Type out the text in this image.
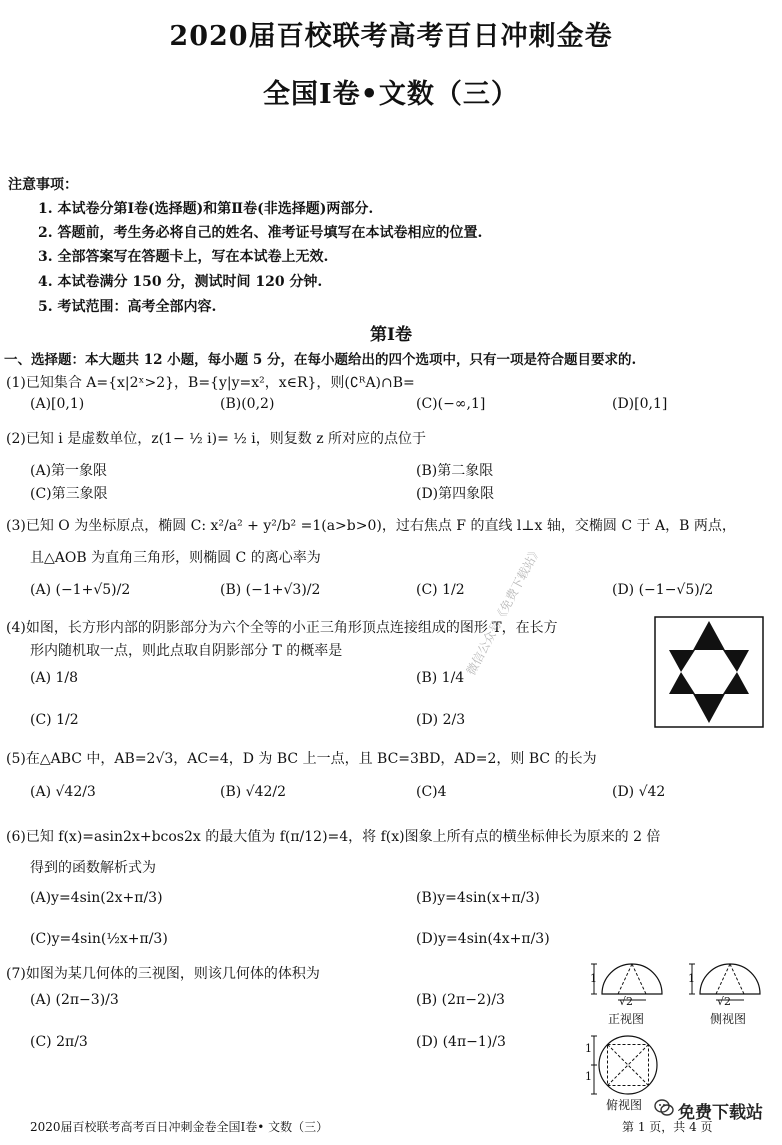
2020届百校联考高考百日冲刺金卷
全国Ⅰ卷•文数（三）
注意事项：
1. 本试卷分第Ⅰ卷(选择题)和第Ⅱ卷(非选择题)两部分.
2. 答题前，考生务必将自己的姓名、准考证号填写在本试卷相应的位置.
3. 全部答案写在答题卡上，写在本试卷上无效.
4. 本试卷满分 150 分，测试时间 120 分钟.
5. 考试范围：高考全部内容.
第Ⅰ卷
一、选择题：本大题共 12 小题，每小题 5 分，在每小题给出的四个选项中，只有一项是符合题目要求的.
(1)已知集合 A={x|2ˣ>2}，B={y|y=x²，x∈R}，则(∁ᴿA)∩B=
(A)[0,1)	(B)(0,2)	(C)(−∞,1]	(D)[0,1]
(2)已知 i 是虚数单位，z(1− ½ i)= ½ i，则复数 z 所对应的点位于
(A)第一象限	(B)第二象限
(C)第三象限	(D)第四象限
(3)已知 O 为坐标原点，椭圆 C: x²/a² + y²/b² =1(a>b>0)，过右焦点 F 的直线 l⊥x 轴，交椭圆 C 于 A，B 两点，
且△AOB 为直角三角形，则椭圆 C 的离心率为
(A) (−1+√5)/2	(B) (−1+√3)/2	(C) 1/2	(D) (−1−√5)/2
(4)如图，长方形内部的阴影部分为六个全等的小正三角形顶点连接组成的图形 T，在长方
形内随机取一点，则此点取自阴影部分 T 的概率是
(A) 1/8	(B) 1/4
(C) 1/2	(D) 2/3
微信公众号《免费下载站》
(5)在△ABC 中，AB=2√3，AC=4，D 为 BC 上一点，且 BC=3BD，AD=2，则 BC 的长为
(A) √42/3	(B) √42/2	(C)4	(D) √42
(6)已知 f(x)=asin2x+bcos2x 的最大值为 f(π/12)=4，将 f(x)图象上所有点的横坐标伸长为原来的 2 倍
得到的函数解析式为
(A)y=4sin(2x+π/3)	(B)y=4sin(x+π/3)
(C)y=4sin(½x+π/3)	(D)y=4sin(4x+π/3)
(7)如图为某几何体的三视图，则该几何体的体积为
(A) (2π−3)/3	(B) (2π−2)/3
(C) 2π/3	(D) (4π−1)/3
1
√2
正视图
1
√2
侧视图
1
1
俯视图 免费下载站
2020届百校联考高考百日冲刺金卷全国Ⅰ卷• 文数（三）	第 1 页，共 4 页
